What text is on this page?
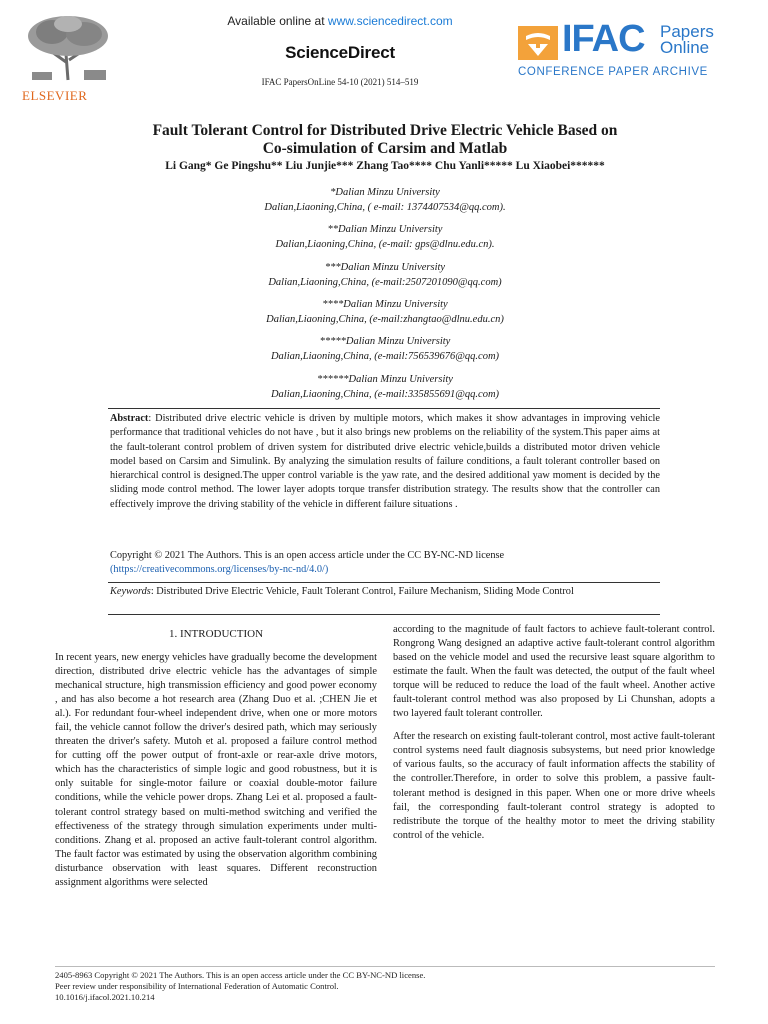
ELSEVIER
Available online at www.sciencedirect.com
ScienceDirect
IFAC PapersOnLine 54-10 (2021) 514–519
IFAC Papers
Online
CONFERENCE PAPER ARCHIVE
Fault Tolerant Control for Distributed Drive Electric Vehicle Based on
Co-simulation of Carsim and Matlab
Li Gang* Ge Pingshu** Liu Junjie*** Zhang Tao**** Chu Yanli***** Lu Xiaobei******
*Dalian Minzu University
Dalian,Liaoning,China, ( e-mail: 1374407534@qq.com).
**Dalian Minzu University
Dalian,Liaoning,China, (e-mail: gps@dlnu.edu.cn).
***Dalian Minzu University
Dalian,Liaoning,China, (e-mail:2507201090@qq.com)
****Dalian Minzu University
Dalian,Liaoning,China, (e-mail:zhangtao@dlnu.edu.cn)
*****Dalian Minzu University
Dalian,Liaoning,China, (e-mail:756539676@qq.com)
******Dalian Minzu University
Dalian,Liaoning,China, (e-mail:335855691@qq.com)
Abstract: Distributed drive electric vehicle is driven by multiple motors, which makes it show advantages in improving vehicle performance that traditional vehicles do not have , but it also brings new problems on the reliability of the system.This paper aims at the fault-tolerant control problem of driven system for distributed drive electric vehicle,builds a distributed motor driven vehicle model based on Carsim and Simulink. By analyzing the simulation results of failure conditions, a fault tolerant controller based on hierarchical control is designed.The upper control variable is the yaw rate, and the desired additional yaw moment is decided by the sliding mode control method. The lower layer adopts torque transfer distribution strategy. The results show that the controller can effectively improve the driving stability of the vehicle in different failure situations .
Copyright © 2021 The Authors. This is an open access article under the CC BY-NC-ND license
(https://creativecommons.org/licenses/by-nc-nd/4.0/)
Keywords: Distributed Drive Electric Vehicle, Fault Tolerant Control, Failure Mechanism, Sliding Mode Control
1. INTRODUCTION

In recent years, new energy vehicles have gradually become the development direction, distributed drive electric vehicle has the advantages of simple mechanical structure, high transmission efficiency and good power economy , and has also become a hot research area (Zhang Duo et al. ;CHEN Jie et al.). For redundant four-wheel independent drive, when one or more motors fail, the vehicle cannot follow the driver's desired path, which may seriously threaten the driver's safety. Mutoh et al. proposed a failure control method for cutting off the power output of front-axle or rear-axle drive motors, which has the characteristics of simple logic and good robustness, but it is only suitable for single-motor failure or coaxial double-motor failure conditions, while the vehicle power drops. Zhang Lei et al. proposed a fault-tolerant control strategy based on multi-method switching and verified the effectiveness of the strategy through simulation experiments under multi-conditions. Zhang et al. proposed an active fault-tolerant control algorithm. The fault factor was estimated by using the observation algorithm combining disturbance observation with least squares. Different reconstruction assignment algorithms were selected

according to the magnitude of fault factors to achieve fault-tolerant control. Rongrong Wang designed an adaptive active fault-tolerant control algorithm based on the vehicle model and used the recursive least square algorithm to estimate the fault. When the fault was detected, the output of the fault wheel torque will be reduced to reduce the load of the fault wheel. Another active fault-tolerant control method was also proposed by Li Chunshan, adopts a two layered fault tolerant controller.

After the research on existing fault-tolerant control, most active fault-tolerant control systems need fault diagnosis subsystems, but need prior knowledge of various faults, so the accuracy of fault information affects the stability of the controller.Therefore, in order to solve this problem, a passive fault-tolerant method is designed in this paper. When one or more drive wheels fail, the corresponding fault-tolerant control strategy is adopted to redistribute the torque of the healthy motor to meet the driving stability control of the vehicle.

2405-8963 Copyright © 2021 The Authors. This is an open access article under the CC BY-NC-ND license.
Peer review under responsibility of International Federation of Automatic Control.
10.1016/j.ifacol.2021.10.214
